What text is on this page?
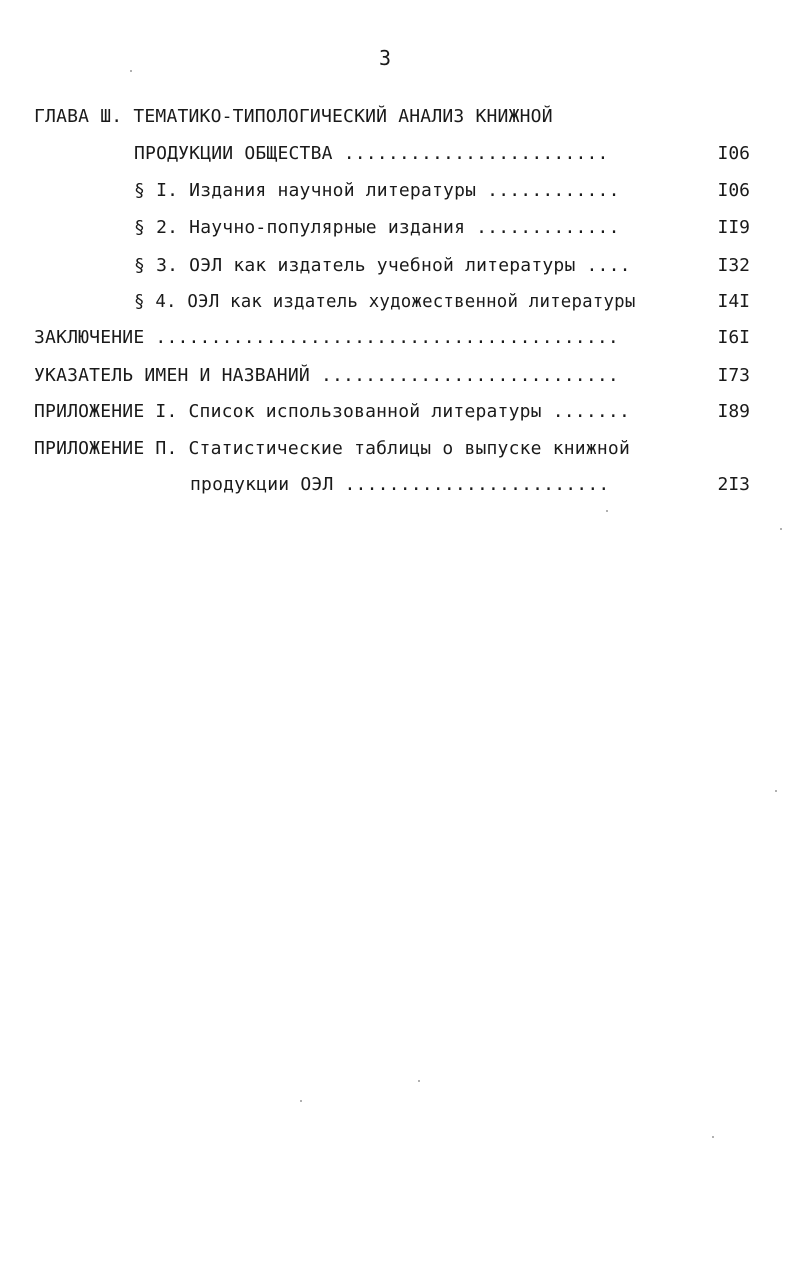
3
ГЛАВА Ш. ТЕМАТИКО-ТИПОЛОГИЧЕСКИЙ АНАЛИЗ КНИЖНОЙ
ПРОДУКЦИИ ОБЩЕСТВА ........................	I06
§ I. Издания научной литературы ............	I06
§ 2. Научно-популярные издания .............	II9
§ 3. ОЭЛ как издатель учебной литературы ....	I32
§ 4. ОЭЛ как издатель художественной литературы	I4I
ЗАКЛЮЧЕНИЕ ..........................................	I6I
УКАЗАТЕЛЬ ИМЕН И НАЗВАНИЙ ...........................	I73
ПРИЛОЖЕНИЕ I. Список использованной литературы .......	I89
ПРИЛОЖЕНИЕ П. Статистические таблицы о выпуске книжной
продукции ОЭЛ ........................	2I3
